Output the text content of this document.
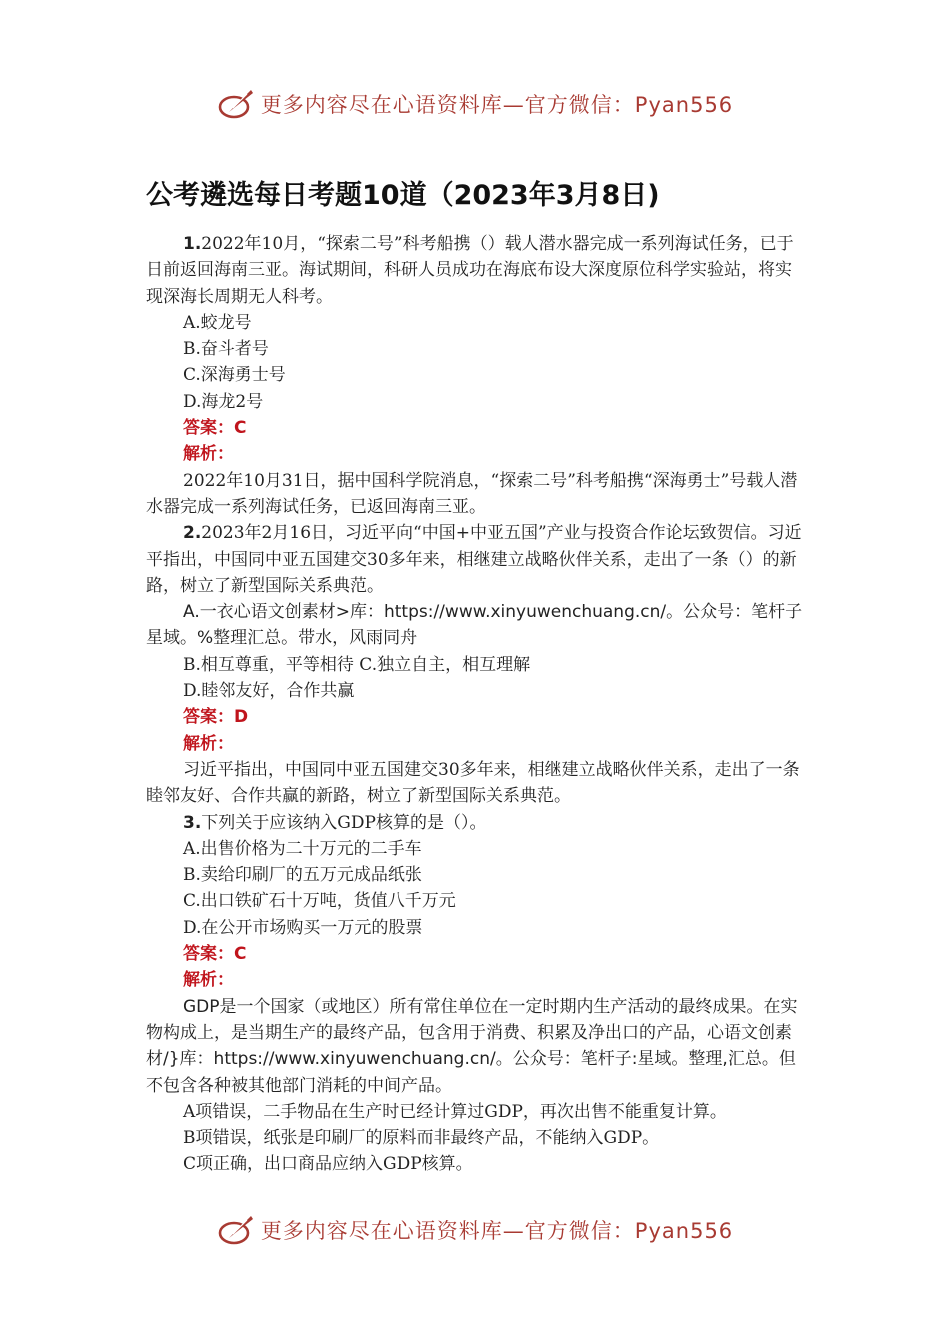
更多内容尽在心语资料库—官方微信：Pyan556
公考遴选每日考题10道（2023年3月8日)

1.2022年10月，“探索二号”科考船携（）载人潜水器完成一系列海试任务，已于日前返回海南三亚。海试期间，科研人员成功在海底布设大深度原位科学实验站，将实现深海长周期无人科考。

A.蛟龙号

B.奋斗者号

C.深海勇士号

D.海龙2号

答案：C

解析：

2022年10月31日，据中国科学院消息，“探索二号”科考船携“深海勇士”号载人潜水器完成一系列海试任务，已返回海南三亚。

2.2023年2月16日，习近平向“中国+中亚五国”产业与投资合作论坛致贺信。习近平指出，中国同中亚五国建交30多年来，相继建立战略伙伴关系，走出了一条（）的新路，树立了新型国际关系典范。

A.一衣心语文创素材>库：https://www.xinyuwenchuang.cn/。公众号：笔杆子星域。%整理汇总。带水，风雨同舟

B.相互尊重，平等相待 C.独立自主，相互理解

D.睦邻友好，合作共赢

答案：D

解析：

习近平指出，中国同中亚五国建交30多年来，相继建立战略伙伴关系，走出了一条睦邻友好、合作共赢的新路，树立了新型国际关系典范。

3.下列关于应该纳入GDP核算的是（）。

A.出售价格为二十万元的二手车

B.卖给印刷厂的五万元成品纸张

C.出口铁矿石十万吨，货值八千万元

D.在公开市场购买一万元的股票

答案：C

解析：

GDP是一个国家（或地区）所有常住单位在一定时期内生产活动的最终成果。在实物构成上，是当期生产的最终产品，包含用于消费、积累及净出口的产品，心语文创素材/}库：https://www.xinyuwenchuang.cn/。公众号：笔杆子:星域。整理,汇总。但不包含各种被其他部门消耗的中间产品。

A项错误，二手物品在生产时已经计算过GDP，再次出售不能重复计算。

B项错误，纸张是印刷厂的原料而非最终产品，不能纳入GDP。

C项正确，出口商品应纳入GDP核算。

更多内容尽在心语资料库—官方微信：Pyan556
